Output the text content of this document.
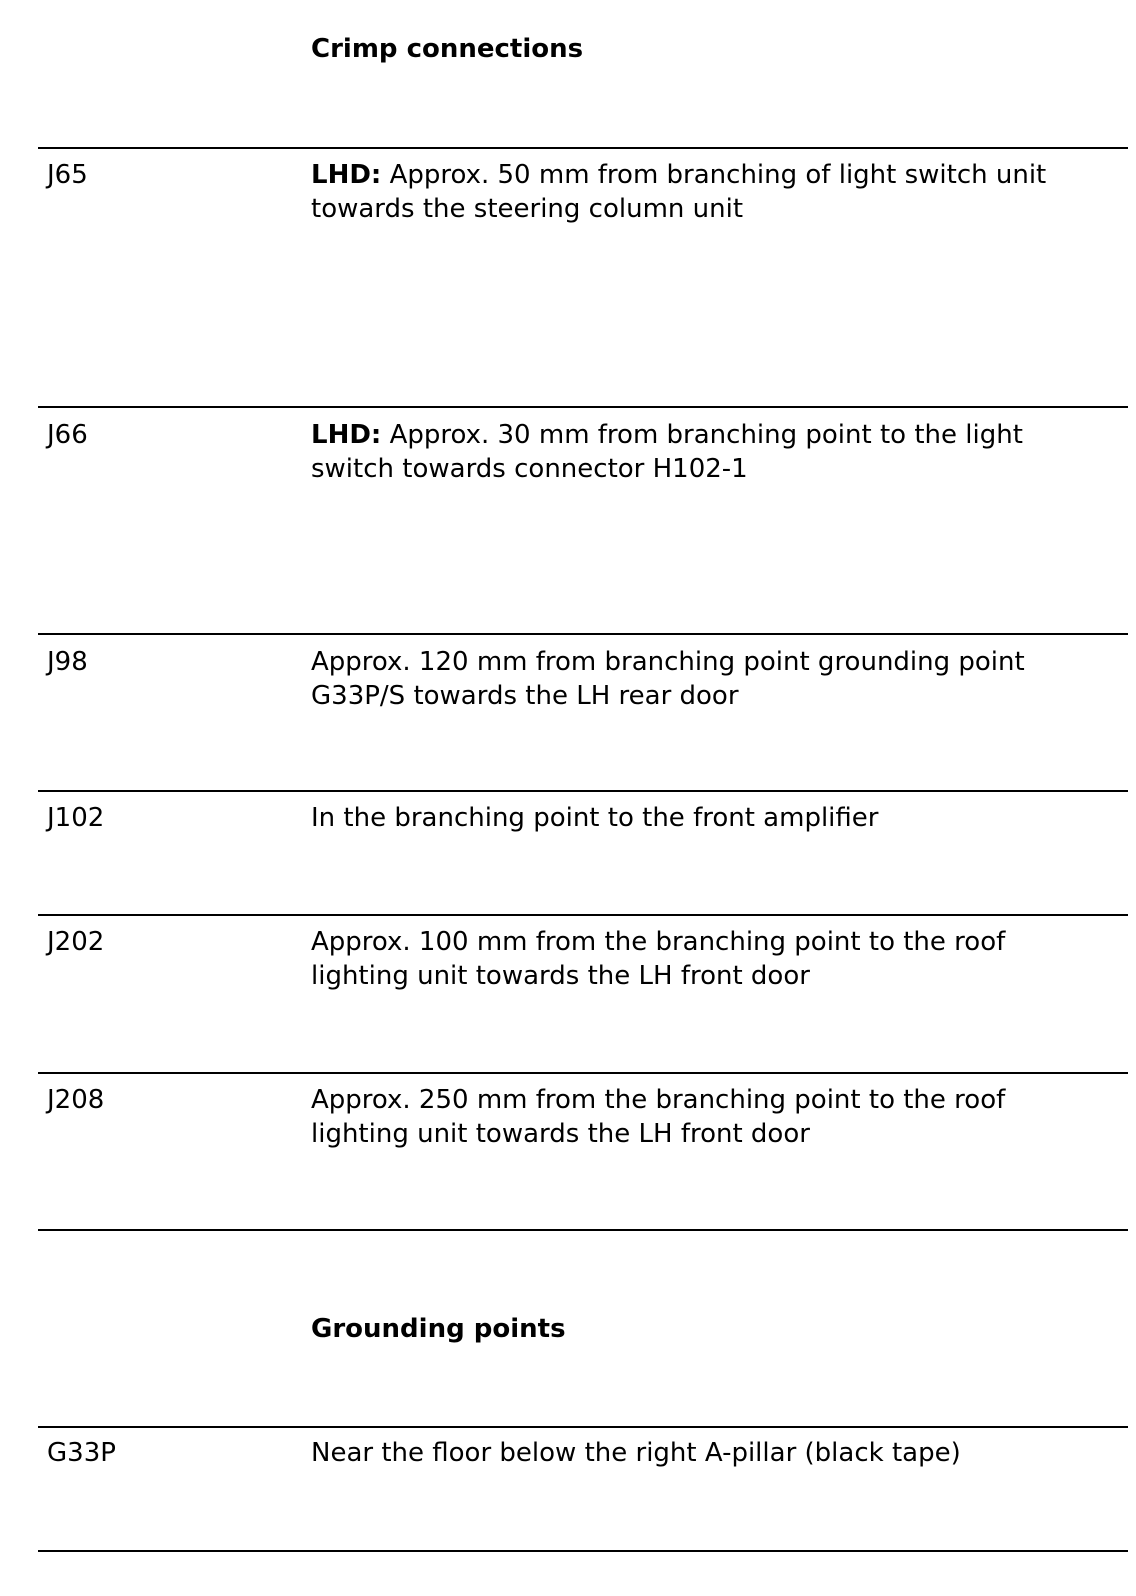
Crimp connections
J65	LHD: Approx. 50 mm from branching of light switch unit towards the steering column unit
J66	LHD: Approx. 30 mm from branching point to the light switch towards connector H102-1
J98	Approx. 120 mm from branching point grounding point G33P/S towards the LH rear door
J102	In the branching point to the front amplifier
J202	Approx. 100 mm from the branching point to the roof lighting unit towards the LH front door
J208	Approx. 250 mm from the branching point to the roof lighting unit towards the LH front door
Grounding points
G33P	Near the floor below the right A-pillar (black tape)
